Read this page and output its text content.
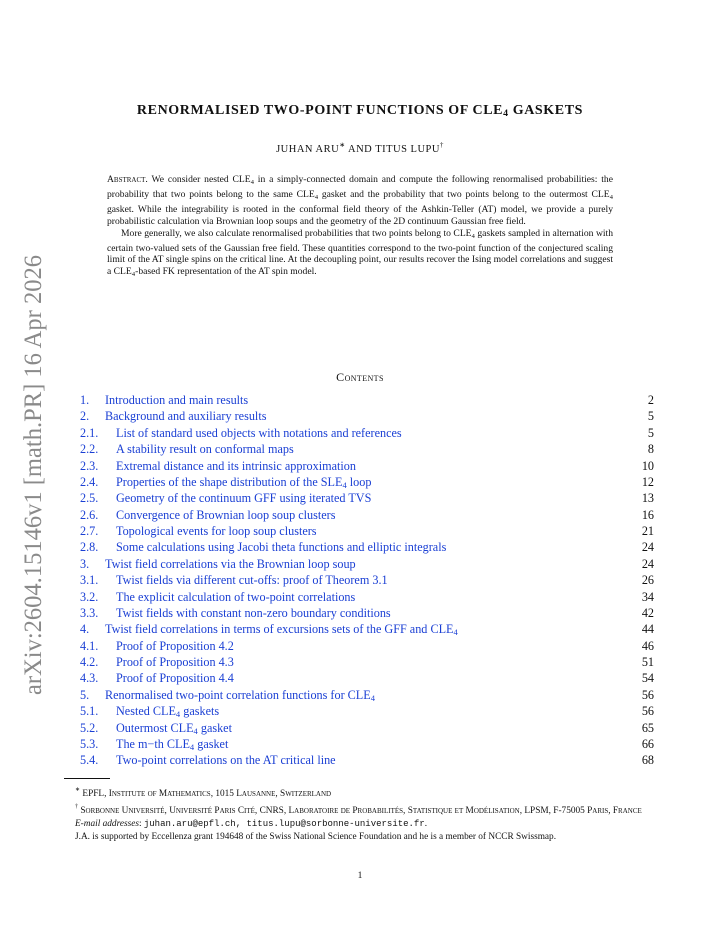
arXiv:2604.15146v1 [math.PR] 16 Apr 2026
RENORMALISED TWO-POINT FUNCTIONS OF $CLE_4$ GASKETS
JUHAN ARU∗ AND TITUS LUPU†

Abstract. We consider nested $CLE_4$ in a simply-connected domain and compute the following renormalised probabilities: the probability that two points belong to the same $CLE_4$ gasket and the probability that two points belong to the outermost $CLE_4$ gasket. While the integrability is rooted in the conformal field theory of the Ashkin-Teller (AT) model, we provide a purely probabilistic calculation via Brownian loop soups and the geometry of the 2D continuum Gaussian free field.

More generally, we also calculate renormalised probabilities that two points belong to $CLE_4$ gaskets sampled in alternation with certain two-valued sets of the Gaussian free field. These quantities correspond to the two-point function of the conjectured scaling limit of the AT single spins on the critical line. At the decoupling point, our results recover the Ising model correlations and suggest a $CLE_4$-based FK representation of the AT spin model.

Contents
1. Introduction and main results	2
2. Background and auxiliary results	5
2.1. List of standard used objects with notations and references	5
2.2. A stability result on conformal maps	8
2.3. Extremal distance and its intrinsic approximation	10
2.4. Properties of the shape distribution of the $SLE_4$ loop	12
2.5. Geometry of the continuum GFF using iterated TVS	13
2.6. Convergence of Brownian loop soup clusters	16
2.7. Topological events for loop soup clusters	21
2.8. Some calculations using Jacobi theta functions and elliptic integrals	24
3. Twist field correlations via the Brownian loop soup	24
3.1. Twist fields via different cut-offs: proof of Theorem 3.1	26
3.2. The explicit calculation of two-point correlations	34
3.3. Twist fields with constant non-zero boundary conditions	42
4. Twist field correlations in terms of excursions sets of the GFF and $CLE_4$	44
4.1. Proof of Proposition 4.2	46
4.2. Proof of Proposition 4.3	51
4.3. Proof of Proposition 4.4	54
5. Renormalised two-point correlation functions for $CLE_4$	56
5.1. Nested $CLE_4$ gaskets	56
5.2. Outermost $CLE_4$ gasket	65
5.3. The m−th $CLE_4$ gasket	66
5.4. Two-point correlations on the AT critical line	68
∗ EPFL, Institute of Mathematics, 1015 Lausanne, Switzerland
† Sorbonne Université, Université Paris Cité, CNRS, Laboratoire de Probabilités, Statistique et Modélisation, LPSM, F-75005 Paris, France
E-mail addresses: juhan.aru@epfl.ch, titus.lupu@sorbonne-universite.fr.
J.A. is supported by Eccellenza grant 194648 of the Swiss National Science Foundation and he is a member of NCCR Swissmap.
1
